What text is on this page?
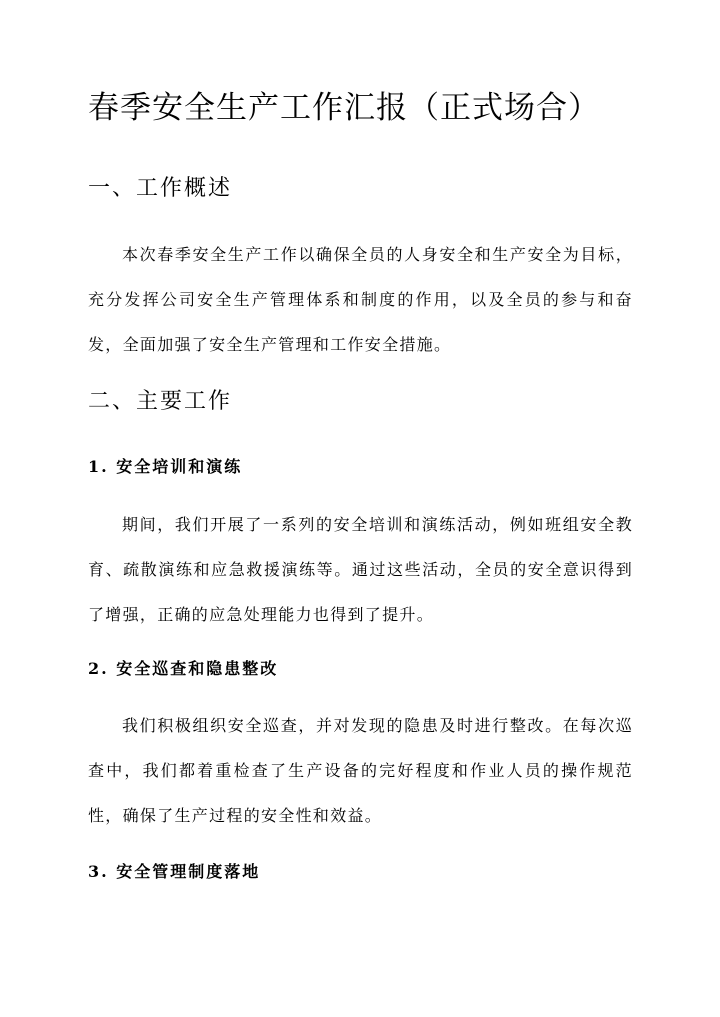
春季安全生产工作汇报（正式场合）
一、工作概述

本次春季安全生产工作以确保全员的人身安全和生产安全为目标，充分发挥公司安全生产管理体系和制度的作用，以及全员的参与和奋发，全面加强了安全生产管理和工作安全措施。

二、主要工作
1. 安全培训和演练

期间，我们开展了一系列的安全培训和演练活动，例如班组安全教育、疏散演练和应急救援演练等。通过这些活动，全员的安全意识得到了增强，正确的应急处理能力也得到了提升。

2. 安全巡查和隐患整改

我们积极组织安全巡查，并对发现的隐患及时进行整改。在每次巡查中，我们都着重检查了生产设备的完好程度和作业人员的操作规范性，确保了生产过程的安全性和效益。

3. 安全管理制度落地
